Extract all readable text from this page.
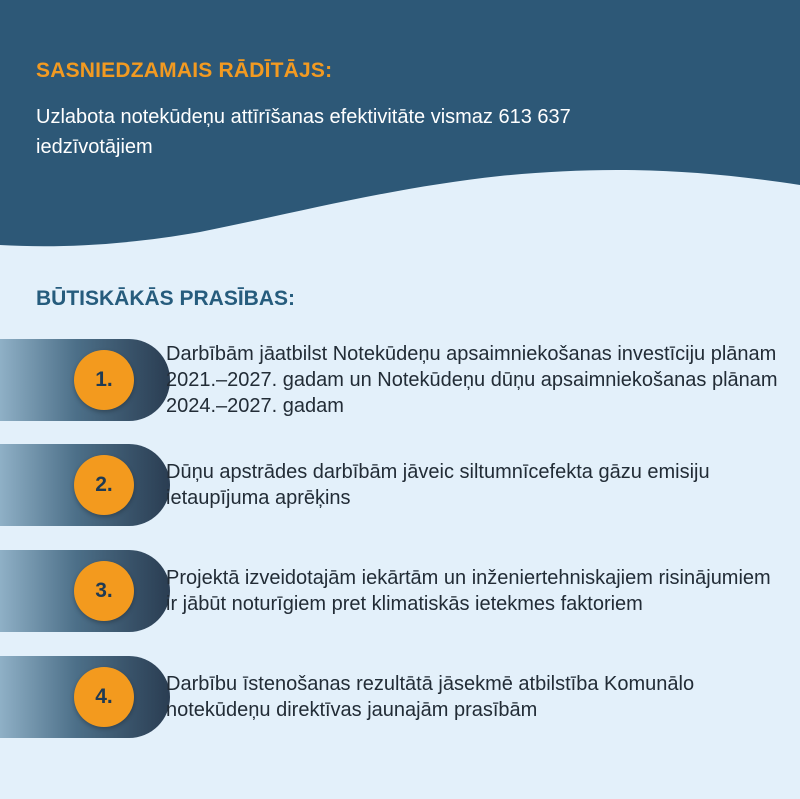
SASNIEDZAMAIS RĀDĪTĀJS:
Uzlabota notekūdeņu attīrīšanas efektivitāte vismaz 613 637 iedzīvotājiem
BŪTISKĀKĀS PRASĪBAS:
1.
Darbībām jāatbilst Notekūdeņu apsaimniekošanas investīciju plānam 2021.–2027. gadam un Notekūdeņu dūņu apsaimniekošanas plānam 2024.–2027. gadam
2.
Dūņu apstrādes darbībām jāveic siltumnīcefekta gāzu emisiju ietaupījuma aprēķins
3.
Projektā izveidotajām iekārtām un inženiertehniskajiem risinājumiem ir jābūt noturīgiem pret klimatiskās ietekmes faktoriem
4.
Darbību īstenošanas rezultātā jāsekmē atbilstība Komunālo notekūdeņu direktīvas jaunajām prasībām
